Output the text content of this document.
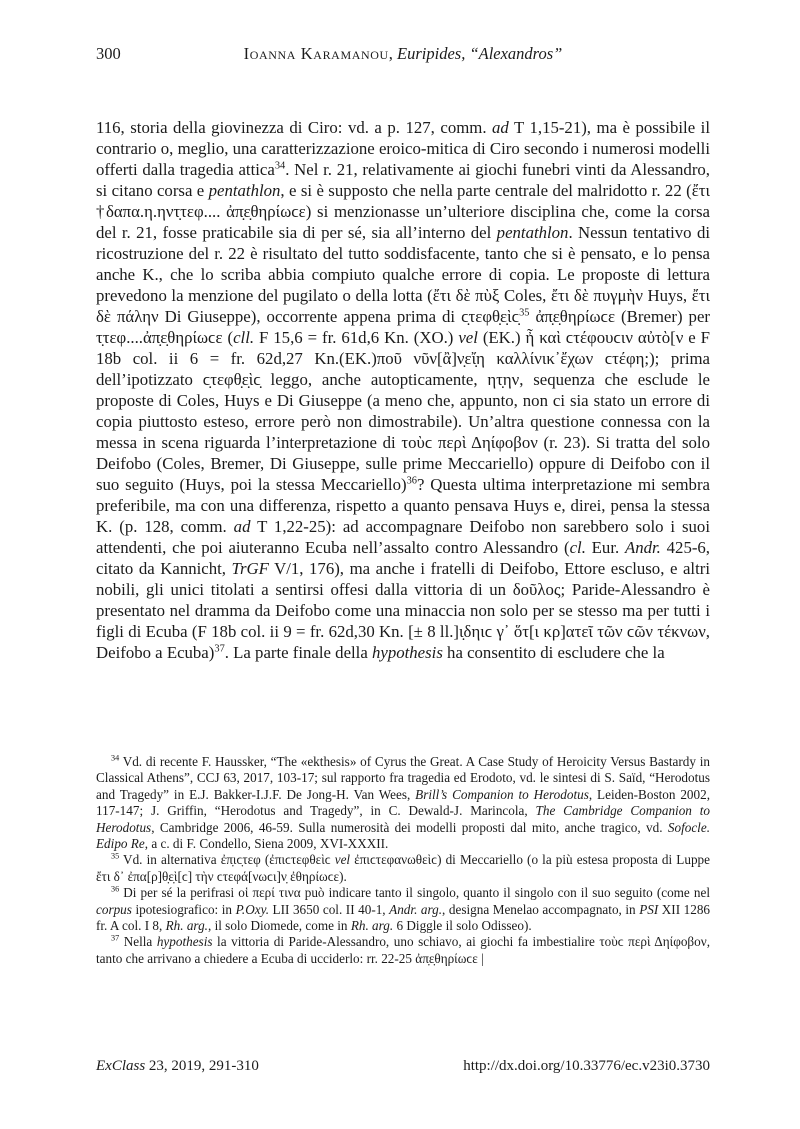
300	Ioanna Karamanou, Euripides, “Alexandros”

116, storia della giovinezza di Ciro: vd. a p. 127, comm. ad T 1,15-21), ma è possibile il contrario o, meglio, una caratterizzazione eroico-mitica di Ciro secondo i numerosi modelli offerti dalla tragedia attica$^{34}$. Nel r. 21, relativamente ai giochi funebri vinti da Alessandro, si citano corsa e pentathlon, e si è supposto che nella parte centrale del malridotto r. 22 (ἔτι †δαπα.η.ηντ̣τεφ.... ἀπ̣ε̣θηρίωϲε) si menzionasse un’ulteriore disciplina che, come la corsa del r. 21, fosse praticabile sia di per sé, sia all’interno del pentathlon. Nessun tentativo di ricostruzione del r. 22 è risultato del tutto soddisfacente, tanto che si è pensato, e lo pensa anche K., che lo scriba abbia compiuto qualche errore di copia. Le proposte di lettura prevedono la menzione del pugilato o della lotta (ἔτι δὲ πὺξ Coles, ἔτι δὲ πυγμὴν Huys, ἔτι δὲ πάλην Di Giuseppe), occorrente appena prima di ϲ̣τεφθ̣ε̣ὶϲ̣$^{35}$ ἀπ̣ε̣θηρίωϲε (Bremer) per τ̣τεφ....ἀπ̣ε̣θηρίωϲε (cll. F 15,6 = fr. 61d,6 Kn. (ΧΟ.) vel (ΕΚ.) ἦ καὶ ϲτέφουϲιν αὐτὸ[ν e F 18b col. ii 6 = fr. 62d,27 Kn.(ΕΚ.)ποῦ νῦν[ἂ]ν̣εἴ̣η καλλίνικ᾽ἔχων ϲτέφη;); prima dell’ipotizzato ϲ̣τεφθ̣ε̣ὶϲ̣ leggo, anche autopticamente, ητ̣ην, sequenza che esclude le proposte di Coles, Huys e Di Giuseppe (a meno che, appunto, non ci sia stato un errore di copia piuttosto esteso, errore però non dimostrabile). Un’altra questione connessa con la messa in scena riguarda l’interpretazione di τοὺϲ περὶ Δηίφοβον (r. 23). Si tratta del solo Deifobo (Coles, Bremer, Di Giuseppe, sulle prime Meccariello) oppure di Deifobo con il suo seguito (Huys, poi la stessa Meccariello)$^{36}$? Questa ultima interpretazione mi sembra preferibile, ma con una differenza, rispetto a quanto pensava Huys e, direi, pensa la stessa K. (p. 128, comm. ad T 1,22-25): ad accompagnare Deifobo non sarebbero solo i suoi attendenti, che poi aiuteranno Ecuba nell’assalto contro Alessandro (cl. Eur. Andr. 425-6, citato da Kannicht, TrGF V/1, 176), ma anche i fratelli di Deifobo, Ettore escluso, e altri nobili, gli unici titolati a sentirsi offesi dalla vittoria di un δοῦλος; Paride-Alessandro è presentato nel dramma da Deifobo come una minaccia non solo per se stesso ma per tutti i figli di Ecuba (F 18b col. ii 9 = fr. 62d,30 Kn. [± 8 ll.]ι̣δηιϲ γ᾽ ὅτ[ι κρ]ατεῖ τῶν ϲῶν τέκνων, Deifobo a Ecuba)$^{37}$. La parte finale della hypothesis ha consentito di escludere che la

$^{34}$ Vd. di recente F. Haussker, “The «ekthesis» of Cyrus the Great. A Case Study of Heroicity Versus Bastardy in Classical Athens”, CCJ 63, 2017, 103-17; sul rapporto fra tragedia ed Erodoto, vd. le sintesi di S. Saïd, “Herodotus and Tragedy” in E.J. Bakker-I.J.F. De Jong-H. Van Wees, Brill’s Companion to Herodotus, Leiden-Boston 2002, 117-147; J. Griffin, “Herodotus and Tragedy”, in C. Dewald-J. Marincola, The Cambridge Companion to Herodotus, Cambridge 2006, 46-59. Sulla numerosità dei modelli proposti dal mito, anche tragico, vd. Sofocle. Edipo Re, a c. di F. Condello, Siena 2009, XVI-XXXII.

$^{35}$ Vd. in alternativa ἐπ̣ιϲ̣τεφ (ἐπιϲτεφθεὶϲ vel ἐπιϲτεφανωθεὶϲ) di Meccariello (o la più estesa proposta di Luppe ἔτι δ᾽ ἐπα[ρ]θ̣ε̣ὶ[ϲ] τὴν ϲτεφά[νωϲι]ν̣ ἐθηρίωϲε).

$^{36}$ Di per sé la perifrasi οἱ περί τινα può indicare tanto il singolo, quanto il singolo con il suo seguito (come nel corpus ipotesiografico: in P.Oxy. LII 3650 col. II 40-1, Andr. arg., designa Menelao accompagnato, in PSI XII 1286 fr. A col. I 8, Rh. arg., il solo Diomede, come in Rh. arg. 6 Diggle il solo Odisseo).

$^{37}$ Nella hypothesis la vittoria di Paride-Alessandro, uno schiavo, ai giochi fa imbestialire τοὺϲ περὶ Δηίφοβον, tanto che arrivano a chiedere a Ecuba di ucciderlo: rr. 22-25 ἀπ̣ε̣θηρίωϲε |

ExClass 23, 2019, 291-310	http://dx.doi.org/10.33776/ec.v23i0.3730
